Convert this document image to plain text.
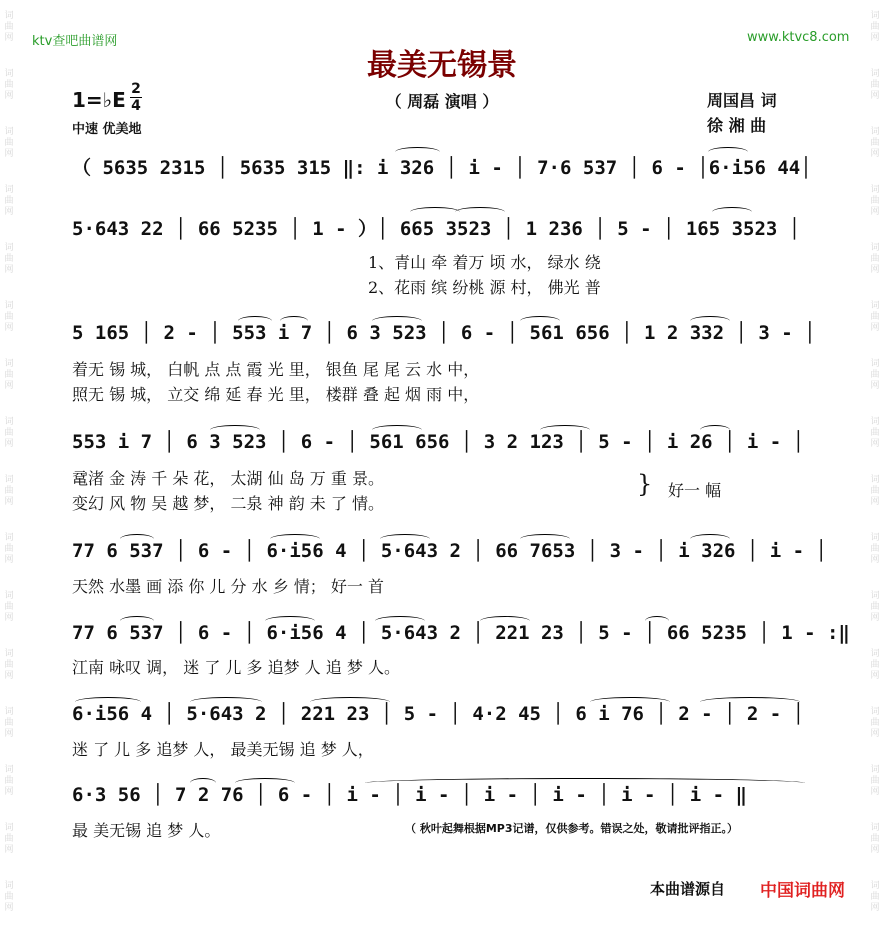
词
曲
网
词
曲
网
词
曲
网
词
曲
网
词
曲
网
词
曲
网
词
曲
网
词
曲
网
词
曲
网
词
曲
网
词
曲
网
词
曲
网
词
曲
网
词
曲
网
词
曲
网
词
曲
网
词
曲
网
词
曲
网
词
曲
网
词
曲
网
词
曲
网
词
曲
网
词
曲
网
词
曲
网
词
曲
网
词
曲
网
词
曲
网
词
曲
网
词
曲
网
词
曲
网
词
曲
网
词
曲
网
ktv查吧曲谱网	www.ktvc8.com
最美无锡景
（ 周磊 演唱 ）
1=♭E 2
4
中速 优美地
周国昌 词
徐 湘 曲
（ 5635 2315 │ 5635 315 ‖: i 326 │ i - │ 7·6 537 │ 6 - │6·i56 44│
5·643 22 │ 66 5235 │ 1 - ）│ 665 3523 │ 1 236 │ 5 - │ 165 3523 │
1、青山 牵 着万 顷 水， 绿水 绕
2、花雨 缤 纷桃 源 村， 佛光 普
5 165 │ 2 - │ 553 i 7 │ 6 3 523 │ 6 - │ 561 656 │ 1 2 332 │ 3 - │
着无 锡 城， 白帆 点 点 霞 光 里， 银鱼 尾 尾 云 水 中，
照无 锡 城， 立交 绵 延 春 光 里， 楼群 叠 起 烟 雨 中，
553 i 7 │ 6 3 523 │ 6 - │ 561 656 │ 3 2 123 │ 5 - │ i 26 │ i - │
鼋渚 金 涛 千 朵 花， 太湖 仙 岛 万 重 景。
变幻 风 物 吴 越 梦， 二泉 神 韵 未 了 情。
} 好一 幅
77 6 537 │ 6 - │ 6·i56 4 │ 5·643 2 │ 66 7653 │ 3 - │ i 326 │ i - │
天然 水墨 画 添 你 儿 分 水 乡 情； 好一 首
77 6 537 │ 6 - │ 6·i56 4 │ 5·643 2 │ 221 23 │ 5 - │ 66 5235 │ 1 - :‖
江南 咏叹 调， 迷 了 儿 多 追梦 人 追 梦 人。
6·i56 4 │ 5·643 2 │ 221 23 │ 5 - │ 4·2 45 │ 6 i 76 │ 2 - │ 2 - │
迷 了 儿 多 追梦 人， 最美无锡 追 梦 人，
6·3 56 │ 7 2 76 │ 6 - │ i - │ i - │ i - │ i - │ i - │ i - ‖
最 美无锡 追 梦 人。	（ 秋叶起舞根据MP3记谱，仅供参考。错误之处，敬请批评指正。）
本曲谱源自 中国词曲网
